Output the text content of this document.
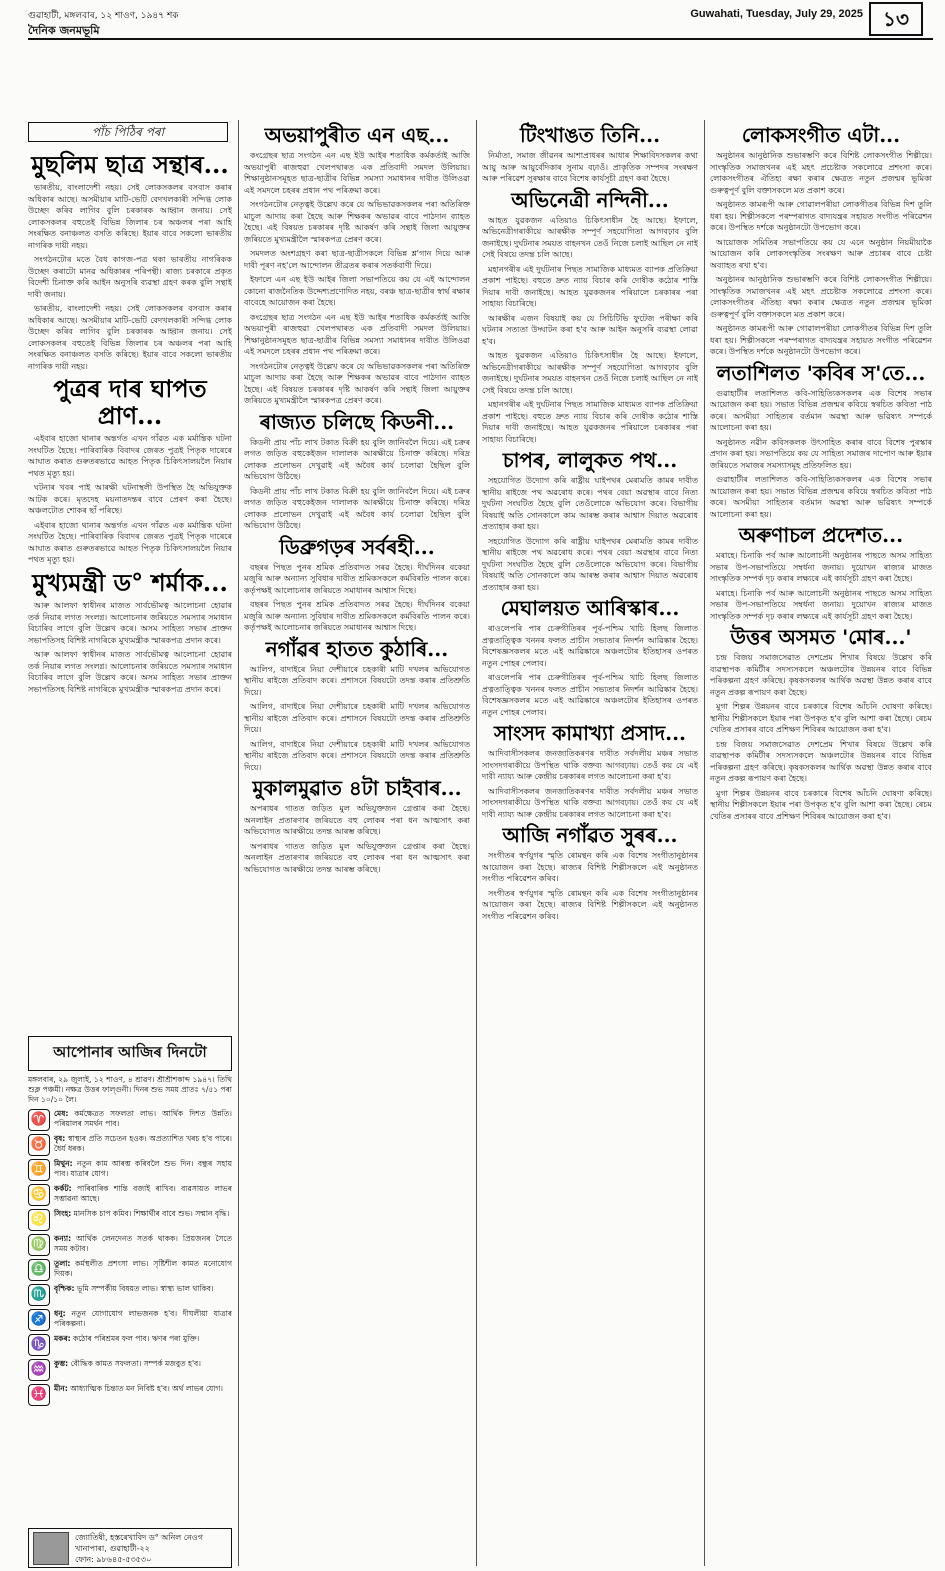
গুৱাহাটী, মঙ্গলবাৰ, ১২ শাওণ, ১৯৪৭ শক
দৈনিক জনমভূমি
Guwahati, Tuesday, July 29, 2025	১৩
পাঁচ পিঠিৰ পৰা
মুছলিম ছাত্ৰ সন্থাৰ...

ভাৰতীয়, বাংলাদেশী নহয়। সেই লোকসকলৰ বসবাস কৰাৰ অধিকাৰ আছে। অসমীয়াৰ মাটি-ভেটি বেদখলকাৰী সন্দিগ্ধ লোক উচ্ছেদ কৰিব লাগিব বুলি চৰকাৰক আহ্বান জনায়। সেই লোকসকলৰ বহুতেই বিভিন্ন জিলাৰ চৰ অঞ্চলৰ পৰা আহি সংৰক্ষিত বনাঞ্চলত বসতি কৰিছে। ইয়াৰ বাবে সকলো ভাৰতীয় নাগৰিক দায়ী নহয়।

সংগঠনটোৰ মতে বৈধ কাগজ-পত্ৰ থকা ভাৰতীয় নাগৰিকক উচ্ছেদ কৰাটো মানৱ অধিকাৰৰ পৰিপন্থী। ৰাজ্য চৰকাৰে প্ৰকৃত বিদেশী চিনাক্ত কৰি আইন অনুসৰি ব্যৱস্থা গ্ৰহণ কৰক বুলি সন্থাই দাবী জনায়।

ভাৰতীয়, বাংলাদেশী নহয়। সেই লোকসকলৰ বসবাস কৰাৰ অধিকাৰ আছে। অসমীয়াৰ মাটি-ভেটি বেদখলকাৰী সন্দিগ্ধ লোক উচ্ছেদ কৰিব লাগিব বুলি চৰকাৰক আহ্বান জনায়। সেই লোকসকলৰ বহুতেই বিভিন্ন জিলাৰ চৰ অঞ্চলৰ পৰা আহি সংৰক্ষিত বনাঞ্চলত বসতি কৰিছে। ইয়াৰ বাবে সকলো ভাৰতীয় নাগৰিক দায়ী নহয়।

পুত্ৰৰ দাৰ ঘাপত প্ৰাণ...

এইবাৰ হাজো থানাৰ অন্তৰ্গত এখন গাঁৱত এক মৰ্মান্তিক ঘটনা সংঘটিত হৈছে। পাৰিবাৰিক বিবাদৰ জেৰত পুত্ৰই পিতৃক দাৰেৰে আঘাত কৰাত গুৰুতৰভাৱে আহত পিতৃক চিকিৎসালয়লৈ নিয়াৰ পথত মৃত্যু হয়।

ঘটনাৰ খবৰ পাই আৰক্ষী ঘটনাস্থলী উপস্থিত হৈ অভিযুক্তক আটক কৰে। মৃতদেহ ময়নাতদন্তৰ বাবে প্ৰেৰণ কৰা হৈছে। অঞ্চলটোত শোকৰ ছাঁ পৰিছে।

এইবাৰ হাজো থানাৰ অন্তৰ্গত এখন গাঁৱত এক মৰ্মান্তিক ঘটনা সংঘটিত হৈছে। পাৰিবাৰিক বিবাদৰ জেৰত পুত্ৰই পিতৃক দাৰেৰে আঘাত কৰাত গুৰুতৰভাৱে আহত পিতৃক চিকিৎসালয়লৈ নিয়াৰ পথত মৃত্যু হয়।

মুখ্যমন্ত্ৰী ড° শৰ্মাক...

আৰু আলফা স্বাধীনৰ মাজত সাৰ্বভৌমত্ব আলোচনা হোৱাৰ তৰ্ক নিয়াৰ লগত সংলগ্ন। আলোচনাৰ জৰিয়তে সমস্যাৰ সমাধান বিচাৰিব লাগে বুলি উল্লেখ কৰে। অসম সাহিত্য সভাৰ প্ৰাক্তন সভাপতিসহ বিশিষ্ট নাগৰিকে মুখ্যমন্ত্ৰীক স্মাৰকপত্ৰ প্ৰদান কৰে।

আৰু আলফা স্বাধীনৰ মাজত সাৰ্বভৌমত্ব আলোচনা হোৱাৰ তৰ্ক নিয়াৰ লগত সংলগ্ন। আলোচনাৰ জৰিয়তে সমস্যাৰ সমাধান বিচাৰিব লাগে বুলি উল্লেখ কৰে। অসম সাহিত্য সভাৰ প্ৰাক্তন সভাপতিসহ বিশিষ্ট নাগৰিকে মুখ্যমন্ত্ৰীক স্মাৰকপত্ৰ প্ৰদান কৰে।

আপোনাৰ আজিৰ দিনটো
মঙ্গলবাৰ, ২৯ জুলাই, ১২ শাওণ, ৪ শ্ৰাৱণ। শ্ৰীশ্ৰীশকাব্দ ১৯৪৭। তিথি শুক্ল পঞ্চমী। নক্ষত্ৰ উত্তৰ ফাল্গুনী। দিনৰ শুভ সময় প্ৰাতঃ ৭/৫১ পৰা দিন ১০/১০ লৈ।
♈ মেষ: কৰ্মক্ষেত্ৰত সফলতা লাভ। আৰ্থিক দিশত উন্নতি। পৰিয়ালৰ সমৰ্থন পাব।
♉ বৃষ: স্বাস্থ্যৰ প্ৰতি সচেতন হওক। অপ্ৰত্যাশিত খৰচ হ'ব পাৰে। ধৈৰ্য ধৰক।
♊ মিথুন: নতুন কাম আৰম্ভ কৰিবলৈ শুভ দিন। বন্ধুৰ সহায় পাব। যাত্ৰাৰ যোগ।
♋ কৰ্কট: পাৰিবাৰিক শান্তি বজাই ৰাখিব। ব্যৱসায়ত লাভৰ সম্ভাৱনা আছে।
♌ সিংহ: মানসিক চাপ কমিব। শিক্ষাৰ্থীৰ বাবে শুভ। সন্মান বৃদ্ধি।
♍ কন্যা: আৰ্থিক লেনদেনত সতৰ্ক থাকক। প্ৰিয়জনৰ সৈতে সময় কটাব।
♎ তুলা: কৰ্মস্থলীত প্ৰশংসা লাভ। সৃষ্টিশীল কামত মনোযোগ দিয়ক।
♏ বৃশ্চিক: ভূমি সম্পৰ্কীয় বিষয়ত লাভ। স্বাস্থ্য ভাল থাকিব।
♐ ধনু: নতুন যোগাযোগ লাভজনক হ'ব। দীঘলীয়া যাত্ৰাৰ পৰিকল্পনা।
♑ মকৰ: কঠোৰ পৰিশ্ৰমৰ ফল পাব। ঋণৰ পৰা মুক্তি।
♒ কুম্ভ: বৌদ্ধিক কামত সফলতা। সম্পৰ্ক মজবুত হ'ব।
♓ মীন: আধ্যাত্মিক চিন্তাত মন নিবিষ্ট হ'ব। অৰ্থ লাভৰ যোগ।
জ্যোতিষী, হস্তৰেখাবিদ ড° অনিল নেওগ
খানাপাৰা, গুৱাহাটী-২২
ফোন: ৯৮৬৪৫-৫৩৫৩০
অভয়াপুৰীত এন এছ...

কংগ্ৰেছৰ ছাত্ৰ সংগঠন এন এছ ইউ আইৰ শতাধিক কৰ্মকৰ্তাই আজি অভয়াপুৰী ৰাজহুৱা খেলপথাৰত এক প্ৰতিবাদী সমদল উলিয়ায়। শিক্ষানুষ্ঠানসমূহত ছাত্ৰ-ছাত্ৰীৰ বিভিন্ন সমস্যা সমাধানৰ দাবীত উলিওৱা এই সমদলে চহৰৰ প্ৰধান পথ পৰিক্ৰমা কৰে।

সংগঠনটোৰ নেতৃত্বই উল্লেখ কৰে যে অভিভাৱকসকলৰ পৰা অতিৰিক্ত মাচুল আদায় কৰা হৈছে আৰু শিক্ষকৰ অভাৱৰ বাবে পাঠদান ব্যাহত হৈছে। এই বিষয়ত চৰকাৰৰ দৃষ্টি আকৰ্ষণ কৰি সন্থাই জিলা আয়ুক্তৰ জৰিয়তে মুখ্যমন্ত্ৰীলৈ স্মাৰকপত্ৰ প্ৰেৰণ কৰে।

সমদলত অংশগ্ৰহণ কৰা ছাত্ৰ-ছাত্ৰীসকলে বিভিন্ন শ্ল'গান দিয়ে আৰু দাবী পূৰণ নহ'লে আন্দোলন তীব্ৰতৰ কৰাৰ সতৰ্কবাণী দিয়ে।

ইফালে এন এছ ইউ আইৰ জিলা সভাপতিয়ে কয় যে এই আন্দোলন কোনো ৰাজনৈতিক উদ্দেশ্যপ্ৰণোদিত নহয়, বৰঞ্চ ছাত্ৰ-ছাত্ৰীৰ স্বাৰ্থ ৰক্ষাৰ বাবেহে আয়োজন কৰা হৈছে।

কংগ্ৰেছৰ ছাত্ৰ সংগঠন এন এছ ইউ আইৰ শতাধিক কৰ্মকৰ্তাই আজি অভয়াপুৰী ৰাজহুৱা খেলপথাৰত এক প্ৰতিবাদী সমদল উলিয়ায়। শিক্ষানুষ্ঠানসমূহত ছাত্ৰ-ছাত্ৰীৰ বিভিন্ন সমস্যা সমাধানৰ দাবীত উলিওৱা এই সমদলে চহৰৰ প্ৰধান পথ পৰিক্ৰমা কৰে।

সংগঠনটোৰ নেতৃত্বই উল্লেখ কৰে যে অভিভাৱকসকলৰ পৰা অতিৰিক্ত মাচুল আদায় কৰা হৈছে আৰু শিক্ষকৰ অভাৱৰ বাবে পাঠদান ব্যাহত হৈছে। এই বিষয়ত চৰকাৰৰ দৃষ্টি আকৰ্ষণ কৰি সন্থাই জিলা আয়ুক্তৰ জৰিয়তে মুখ্যমন্ত্ৰীলৈ স্মাৰকপত্ৰ প্ৰেৰণ কৰে।

ৰাজ্যত চলিছে কিডনী...

কিডনী প্ৰায় পাঁচ লাখ টকাত বিক্ৰী হয় বুলি জানিবলৈ দিয়ে। এই চক্ৰৰ লগত জড়িত বহুকেইজন দালালক আৰক্ষীয়ে চিনাক্ত কৰিছে। দৰিদ্ৰ লোকক প্ৰলোভন দেখুৱাই এই অবৈধ কাৰ্য চলোৱা হৈছিল বুলি অভিযোগ উঠিছে।

কিডনী প্ৰায় পাঁচ লাখ টকাত বিক্ৰী হয় বুলি জানিবলৈ দিয়ে। এই চক্ৰৰ লগত জড়িত বহুকেইজন দালালক আৰক্ষীয়ে চিনাক্ত কৰিছে। দৰিদ্ৰ লোকক প্ৰলোভন দেখুৱাই এই অবৈধ কাৰ্য চলোৱা হৈছিল বুলি অভিযোগ উঠিছে।

ডিব্ৰুগড়ৰ সৰ্বৰহী...

বছৰৰ পিছত পুনৰ শ্ৰমিক প্ৰতিবাদত সৰৱ হৈছে। দীৰ্ঘদিনৰ বকেয়া মজুৰি আৰু অন্যান্য সুবিধাৰ দাবীত শ্ৰমিকসকলে কৰ্মবিৰতি পালন কৰে। কৰ্তৃপক্ষই আলোচনাৰ জৰিয়তে সমাধানৰ আশ্বাস দিছে।

বছৰৰ পিছত পুনৰ শ্ৰমিক প্ৰতিবাদত সৰৱ হৈছে। দীৰ্ঘদিনৰ বকেয়া মজুৰি আৰু অন্যান্য সুবিধাৰ দাবীত শ্ৰমিকসকলে কৰ্মবিৰতি পালন কৰে। কৰ্তৃপক্ষই আলোচনাৰ জৰিয়তে সমাধানৰ আশ্বাস দিছে।

নগাঁৱৰ হাতত কুঠাৰি...

আলিগ, বাদাইৰে নিয়া দেশীয়াৰে চহকাৰী মাটি দখলৰ অভিযোগত স্থানীয় ৰাইজে প্ৰতিবাদ কৰে। প্ৰশাসনে বিষয়টো তদন্ত কৰাৰ প্ৰতিশ্ৰুতি দিয়ে।

আলিগ, বাদাইৰে নিয়া দেশীয়াৰে চহকাৰী মাটি দখলৰ অভিযোগত স্থানীয় ৰাইজে প্ৰতিবাদ কৰে। প্ৰশাসনে বিষয়টো তদন্ত কৰাৰ প্ৰতিশ্ৰুতি দিয়ে।

আলিগ, বাদাইৰে নিয়া দেশীয়াৰে চহকাৰী মাটি দখলৰ অভিযোগত স্থানীয় ৰাইজে প্ৰতিবাদ কৰে। প্ৰশাসনে বিষয়টো তদন্ত কৰাৰ প্ৰতিশ্ৰুতি দিয়ে।

মুকালমুৱাত ৪টা চাইবাৰ...

অপৰাধৰ গাতত জড়িত মুল অভিযুক্তজন গ্ৰেপ্তাৰ কৰা হৈছে। অনলাইন প্ৰতাৰণাৰ জৰিয়তে বহু লোকৰ পৰা ধন আত্মসাৎ কৰা অভিযোগত আৰক্ষীয়ে তদন্ত আৰম্ভ কৰিছে।

অপৰাধৰ গাতত জড়িত মুল অভিযুক্তজন গ্ৰেপ্তাৰ কৰা হৈছে। অনলাইন প্ৰতাৰণাৰ জৰিয়তে বহু লোকৰ পৰা ধন আত্মসাৎ কৰা অভিযোগত আৰক্ষীয়ে তদন্ত আৰম্ভ কৰিছে।

টিংখাঙত তিনি...

নিৰ্মাতা, সমাজ জীৱনৰ আশাপ্ৰাধৰৰ আধাৰ শিক্ষাবিদসকলৰ কথা আয়ু আৰু আয়ুৰ্বেদিকাৰ সুনাম বঢ়াওঁ। প্ৰাকৃতিক সম্পদৰ সংৰক্ষণ আৰু পৰিৱেশ সুৰক্ষাৰ বাবে বিশেষ কাৰ্যসূচী গ্ৰহণ কৰা হৈছে।

অভিনেত্ৰী নন্দিনী...

আহত যুৱকজন এতিয়াও চিকিৎসাধীন হৈ আছে। ইফালে, অভিনেত্ৰীগৰাকীয়ে আৰক্ষীক সম্পূৰ্ণ সহযোগিতা আগবঢ়াব বুলি জনাইছে। দুৰ্ঘটনাৰ সময়ত বাহনখন তেওঁ নিজে চলাই আছিল নে নাই সেই বিষয়ে তদন্ত চলি আছে।

মহানগৰীৰ এই দুৰ্ঘটনাৰ পিছত সামাজিক মাধ্যমত ব্যাপক প্ৰতিক্ৰিয়া প্ৰকাশ পাইছে। বহুতে দ্ৰুত ন্যায় বিচাৰ কৰি দোষীক কঠোৰ শাস্তি দিয়াৰ দাবী জনাইছে। আহত যুৱকজনৰ পৰিয়ালে চৰকাৰৰ পৰা সাহায্য বিচাৰিছে।

আৰক্ষীৰ এজন বিষয়াই কয় যে সিচিটিভি ফুটেজ পৰীক্ষা কৰি ঘটনাৰ সত্যতা উদ্ঘাটন কৰা হ'ব আৰু আইন অনুসৰি ব্যৱস্থা লোৱা হ'ব।

আহত যুৱকজন এতিয়াও চিকিৎসাধীন হৈ আছে। ইফালে, অভিনেত্ৰীগৰাকীয়ে আৰক্ষীক সম্পূৰ্ণ সহযোগিতা আগবঢ়াব বুলি জনাইছে। দুৰ্ঘটনাৰ সময়ত বাহনখন তেওঁ নিজে চলাই আছিল নে নাই সেই বিষয়ে তদন্ত চলি আছে।

মহানগৰীৰ এই দুৰ্ঘটনাৰ পিছত সামাজিক মাধ্যমত ব্যাপক প্ৰতিক্ৰিয়া প্ৰকাশ পাইছে। বহুতে দ্ৰুত ন্যায় বিচাৰ কৰি দোষীক কঠোৰ শাস্তি দিয়াৰ দাবী জনাইছে। আহত যুৱকজনৰ পৰিয়ালে চৰকাৰৰ পৰা সাহায্য বিচাৰিছে।

চাপৰ, লালুকত পথ...

সহযোগিত উদ্যোগ কৰি ৰাষ্ট্ৰীয় ঘাইপথৰ মেৰামতি কামৰ দাবীত স্থানীয় ৰাইজে পথ অৱৰোধ কৰে। পথৰ বেয়া অৱস্থাৰ বাবে নিত্য দুৰ্ঘটনা সংঘটিত হৈছে বুলি তেওঁলোকে অভিযোগ কৰে। বিভাগীয় বিষয়াই অতি সোনকালে কাম আৰম্ভ কৰাৰ আশ্বাস দিয়াত অৱৰোধ প্ৰত্যাহাৰ কৰা হয়।

সহযোগিত উদ্যোগ কৰি ৰাষ্ট্ৰীয় ঘাইপথৰ মেৰামতি কামৰ দাবীত স্থানীয় ৰাইজে পথ অৱৰোধ কৰে। পথৰ বেয়া অৱস্থাৰ বাবে নিত্য দুৰ্ঘটনা সংঘটিত হৈছে বুলি তেওঁলোকে অভিযোগ কৰে। বিভাগীয় বিষয়াই অতি সোনকালে কাম আৰম্ভ কৰাৰ আশ্বাস দিয়াত অৱৰোধ প্ৰত্যাহাৰ কৰা হয়।

মেঘালয়ত আৰিস্কাৰ...

ৰাওলেপৰি পাৰ চেৰুগীতিৰৰ পূৰ্ব-পশ্চিম খাচি হিলছ জিলাত প্ৰত্নতাত্ত্বিক খননৰ ফলত প্ৰাচীন সভ্যতাৰ নিদৰ্শন আৱিষ্কাৰ হৈছে। বিশেষজ্ঞসকলৰ মতে এই আৱিষ্কাৰে অঞ্চলটোৰ ইতিহাসৰ ওপৰত নতুন পোহৰ পেলাব।

ৰাওলেপৰি পাৰ চেৰুগীতিৰৰ পূৰ্ব-পশ্চিম খাচি হিলছ জিলাত প্ৰত্নতাত্ত্বিক খননৰ ফলত প্ৰাচীন সভ্যতাৰ নিদৰ্শন আৱিষ্কাৰ হৈছে। বিশেষজ্ঞসকলৰ মতে এই আৱিষ্কাৰে অঞ্চলটোৰ ইতিহাসৰ ওপৰত নতুন পোহৰ পেলাব।

সাংসদ কামাখ্যা প্ৰসাদ...

আদিবাসীসকলৰ জনজাতিকৰণৰ দাবীত সৰ্বদলীয় মঞ্চৰ সভাত সাংসদগৰাকীয়ে উপস্থিত থাকি বক্তব্য আগবঢ়ায়। তেওঁ কয় যে এই দাবী ন্যায্য আৰু কেন্দ্ৰীয় চৰকাৰৰ লগত আলোচনা কৰা হ'ব।

আদিবাসীসকলৰ জনজাতিকৰণৰ দাবীত সৰ্বদলীয় মঞ্চৰ সভাত সাংসদগৰাকীয়ে উপস্থিত থাকি বক্তব্য আগবঢ়ায়। তেওঁ কয় যে এই দাবী ন্যায্য আৰু কেন্দ্ৰীয় চৰকাৰৰ লগত আলোচনা কৰা হ'ব।

আজি নগাঁৱত সুৰৰ...

সংগীতৰ স্বৰ্ণযুগৰ স্মৃতি ৰোমন্থন কৰি এক বিশেষ সংগীতানুষ্ঠানৰ আয়োজন কৰা হৈছে। ৰাজ্যৰ বিশিষ্ট শিল্পীসকলে এই অনুষ্ঠানত সংগীত পৰিৱেশন কৰিব।

সংগীতৰ স্বৰ্ণযুগৰ স্মৃতি ৰোমন্থন কৰি এক বিশেষ সংগীতানুষ্ঠানৰ আয়োজন কৰা হৈছে। ৰাজ্যৰ বিশিষ্ট শিল্পীসকলে এই অনুষ্ঠানত সংগীত পৰিৱেশন কৰিব।

লোকসংগীত এটা...

অনুষ্ঠানৰ আনুষ্ঠানিক শুভাৰম্ভণি কৰে বিশিষ্ট লোকসংগীত শিল্পীয়ে। সাংস্কৃতিক সমাজখনৰ এই মহৎ প্ৰচেষ্টাক সকলোৱে প্ৰশংসা কৰে। লোকসংগীতৰ ঐতিহ্য ৰক্ষা কৰাৰ ক্ষেত্ৰত নতুন প্ৰজন্মৰ ভূমিকা গুৰুত্বপূৰ্ণ বুলি বক্তাসকলে মত প্ৰকাশ কৰে।

অনুষ্ঠানত কামৰূপী আৰু গোৱালপৰীয়া লোকগীতৰ বিভিন্ন দিশ তুলি ধৰা হয়। শিল্পীসকলে পৰম্পৰাগত বাদ্যযন্ত্ৰৰ সহায়ত সংগীত পৰিৱেশন কৰে। উপস্থিত দৰ্শকে অনুষ্ঠানটো উপভোগ কৰে।

আয়োজক সমিতিৰ সভাপতিয়ে কয় যে এনে অনুষ্ঠান নিয়মীয়াকৈ আয়োজন কৰি লোকসংস্কৃতিৰ সংৰক্ষণ আৰু প্ৰচাৰৰ বাবে চেষ্টা অব্যাহত ৰখা হ'ব।

অনুষ্ঠানৰ আনুষ্ঠানিক শুভাৰম্ভণি কৰে বিশিষ্ট লোকসংগীত শিল্পীয়ে। সাংস্কৃতিক সমাজখনৰ এই মহৎ প্ৰচেষ্টাক সকলোৱে প্ৰশংসা কৰে। লোকসংগীতৰ ঐতিহ্য ৰক্ষা কৰাৰ ক্ষেত্ৰত নতুন প্ৰজন্মৰ ভূমিকা গুৰুত্বপূৰ্ণ বুলি বক্তাসকলে মত প্ৰকাশ কৰে।

অনুষ্ঠানত কামৰূপী আৰু গোৱালপৰীয়া লোকগীতৰ বিভিন্ন দিশ তুলি ধৰা হয়। শিল্পীসকলে পৰম্পৰাগত বাদ্যযন্ত্ৰৰ সহায়ত সংগীত পৰিৱেশন কৰে। উপস্থিত দৰ্শকে অনুষ্ঠানটো উপভোগ কৰে।

লতাশিলত 'কবিৰ স'তে...

গুৱাহাটীৰ লতাশিলত কবি-সাহিত্যিকসকলৰ এক বিশেষ সভাৰ আয়োজন কৰা হয়। সভাত বিভিন্ন প্ৰজন্মৰ কবিয়ে স্বৰচিত কবিতা পাঠ কৰে। অসমীয়া সাহিত্যৰ বৰ্তমান অৱস্থা আৰু ভৱিষ্যৎ সম্পৰ্কে আলোচনা কৰা হয়।

অনুষ্ঠানত নৱীন কবিসকলক উৎসাহিত কৰাৰ বাবে বিশেষ পুৰস্কাৰ প্ৰদান কৰা হয়। সভাপতিয়ে কয় যে সাহিত্য সমাজৰ দাপোণ আৰু ইয়াৰ জৰিয়তে সমাজৰ সমস্যাসমূহ প্ৰতিফলিত হয়।

গুৱাহাটীৰ লতাশিলত কবি-সাহিত্যিকসকলৰ এক বিশেষ সভাৰ আয়োজন কৰা হয়। সভাত বিভিন্ন প্ৰজন্মৰ কবিয়ে স্বৰচিত কবিতা পাঠ কৰে। অসমীয়া সাহিত্যৰ বৰ্তমান অৱস্থা আৰু ভৱিষ্যৎ সম্পৰ্কে আলোচনা কৰা হয়।

অৰুণাচল প্ৰদেশত...

মৰাহে। চিনাকি পৰ্ব আৰু আলোচনী অনুষ্ঠানৰ পাছতে অসম সাহিত্য সভাৰ উপ-সভাপতিয়ে সম্বৰ্ধনা জনায়। দুয়োখন ৰাজ্যৰ মাজত সাংস্কৃতিক সম্পৰ্ক দৃঢ় কৰাৰ লক্ষ্যৰে এই কাৰ্যসূচী গ্ৰহণ কৰা হৈছে।

মৰাহে। চিনাকি পৰ্ব আৰু আলোচনী অনুষ্ঠানৰ পাছতে অসম সাহিত্য সভাৰ উপ-সভাপতিয়ে সম্বৰ্ধনা জনায়। দুয়োখন ৰাজ্যৰ মাজত সাংস্কৃতিক সম্পৰ্ক দৃঢ় কৰাৰ লক্ষ্যৰে এই কাৰ্যসূচী গ্ৰহণ কৰা হৈছে।

উত্তৰ অসমত 'মোৰ...'

চন্দ্ৰ বিজয় সমাজসেৱাত দেশপ্ৰেম শিখাৰ বিষয়ে উল্লেখ কৰি ব্যৱস্থাপক কমিটীৰ সদস্যসকলে অঞ্চলটোৰ উন্নয়নৰ বাবে বিভিন্ন পৰিকল্পনা গ্ৰহণ কৰিছে। কৃষকসকলৰ আৰ্থিক অৱস্থা উন্নত কৰাৰ বাবে নতুন প্ৰকল্প ৰূপায়ণ কৰা হৈছে।

মুগা শিল্পৰ উন্নয়নৰ বাবে চৰকাৰে বিশেষ আঁচনি ঘোষণা কৰিছে। স্থানীয় শিল্পীসকলে ইয়াৰ পৰা উপকৃত হ'ব বুলি আশা কৰা হৈছে। ৰেচম খেতিৰ প্ৰসাৰৰ বাবে প্ৰশিক্ষণ শিবিৰৰ আয়োজন কৰা হ'ব।

চন্দ্ৰ বিজয় সমাজসেৱাত দেশপ্ৰেম শিখাৰ বিষয়ে উল্লেখ কৰি ব্যৱস্থাপক কমিটীৰ সদস্যসকলে অঞ্চলটোৰ উন্নয়নৰ বাবে বিভিন্ন পৰিকল্পনা গ্ৰহণ কৰিছে। কৃষকসকলৰ আৰ্থিক অৱস্থা উন্নত কৰাৰ বাবে নতুন প্ৰকল্প ৰূপায়ণ কৰা হৈছে।

মুগা শিল্পৰ উন্নয়নৰ বাবে চৰকাৰে বিশেষ আঁচনি ঘোষণা কৰিছে। স্থানীয় শিল্পীসকলে ইয়াৰ পৰা উপকৃত হ'ব বুলি আশা কৰা হৈছে। ৰেচম খেতিৰ প্ৰসাৰৰ বাবে প্ৰশিক্ষণ শিবিৰৰ আয়োজন কৰা হ'ব।
